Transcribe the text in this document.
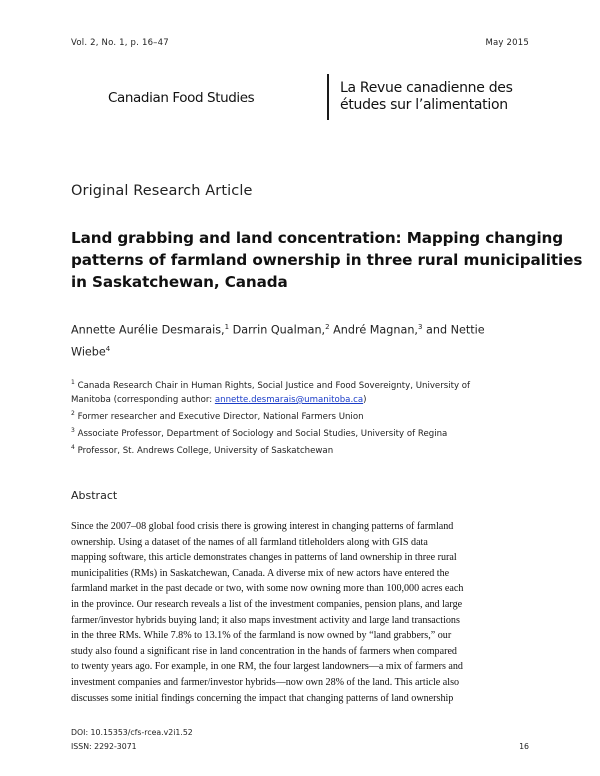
Vol. 2, No. 1, p. 16–47	May 2015
Canadian Food Studies
La Revue canadienne des
études sur l’alimentation
Original Research Article
Land grabbing and land concentration: Mapping changing
patterns of farmland ownership in three rural municipalities
in Saskatchewan, Canada
Annette Aurélie Desmarais,$^1$ Darrin Qualman,$^2$ André Magnan,$^3$ and Nettie
Wiebe$^4$
$^1$ Canada Research Chair in Human Rights, Social Justice and Food Sovereignty, University of
Manitoba (corresponding author: annette.desmarais@umanitoba.ca)
$^2$ Former researcher and Executive Director, National Farmers Union
$^3$ Associate Professor, Department of Sociology and Social Studies, University of Regina
$^4$ Professor, St. Andrews College, University of Saskatchewan
Abstract
Since the 2007–08 global food crisis there is growing interest in changing patterns of farmland
ownership. Using a dataset of the names of all farmland titleholders along with GIS data
mapping software, this article demonstrates changes in patterns of land ownership in three rural
municipalities (RMs) in Saskatchewan, Canada. A diverse mix of new actors have entered the
farmland market in the past decade or two, with some now owning more than 100,000 acres each
in the province. Our research reveals a list of the investment companies, pension plans, and large
farmer/investor hybrids buying land; it also maps investment activity and large land transactions
in the three RMs. While 7.8% to 13.1% of the farmland is now owned by “land grabbers,” our
study also found a significant rise in land concentration in the hands of farmers when compared
to twenty years ago. For example, in one RM, the four largest landowners—a mix of farmers and
investment companies and farmer/investor hybrids—now own 28% of the land. This article also
discusses some initial findings concerning the impact that changing patterns of land ownership
DOI: 10.15353/cfs-rcea.v2i1.52
ISSN: 2292-3071	16
